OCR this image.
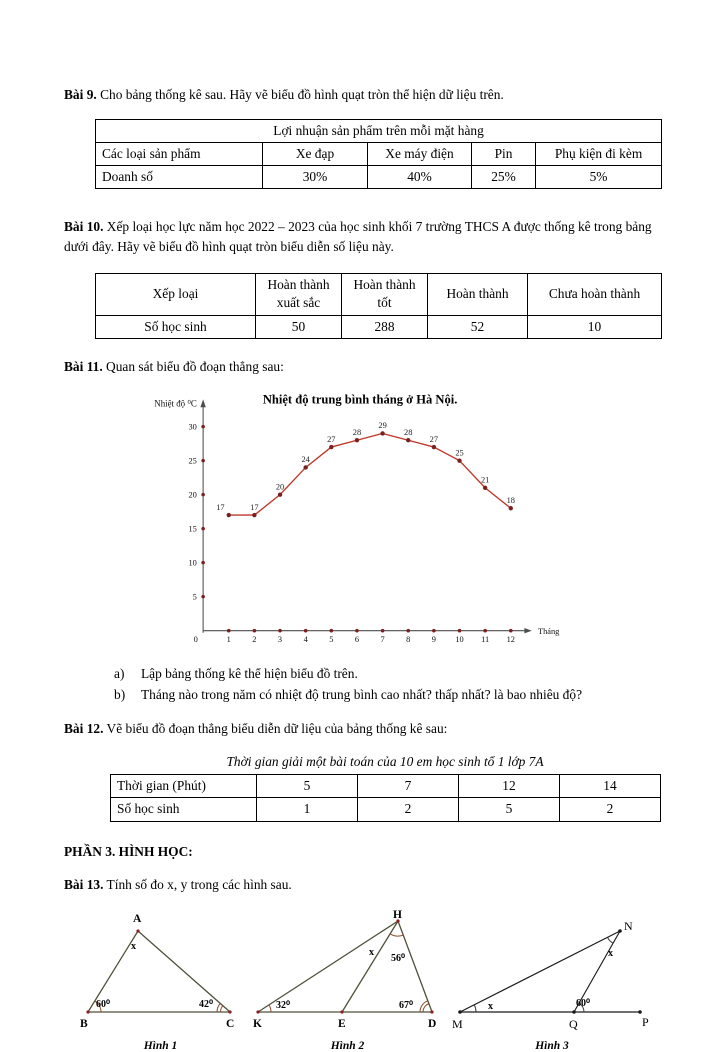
Bài 9. Cho bảng thống kê sau. Hãy vẽ biểu đồ hình quạt tròn thể hiện dữ liệu trên.

Lợi nhuận sản phẩm trên mỗi mặt hàng				
Các loại sản phẩm	Xe đạp	Xe máy điện	Pin	Phụ kiện đi kèm
Doanh số	30%	40%	25%	5%

Bài 10. Xếp loại học lực năm học 2022 – 2023 của học sinh khối 7 trường THCS A được thống kê trong bảng dưới đây. Hãy vẽ biểu đồ hình quạt tròn biểu diễn số liệu này.

Xếp loại	Hoàn thành xuất sắc	Hoàn thành tốt	Hoàn thành	Chưa hoàn thành
Số học sinh	50	288	52	10

Bài 11. Quan sát biểu đồ đoạn thẳng sau:

Nhiệt độ ⁰C	Nhiệt độ trung bình tháng ở Hà Nội.
Tháng
5
10
15
20
25
30
0	1	2	3	4	5	6	7	8	9 10 11 12
17	17
20
24
27
28
29
28
27
25
21
18
a)	Lập bảng thống kê thể hiện biểu đồ trên.
b)	Tháng nào trong năm có nhiệt độ trung bình cao nhất? thấp nhất? là bao nhiêu độ?

Bài 12. Vẽ biểu đồ đoạn thẳng biểu diễn dữ liệu của bảng thống kê sau:

Thời gian giải một bài toán của 10 em học sinh tổ 1 lớp 7A
Thời gian (Phút)	5	7	12	14
Số học sinh	1	2	5	2

PHẦN 3. HÌNH HỌC:

Bài 13. Tính số đo x, y trong các hình sau.

A
x
60⁰	42⁰
B	C
Hình 1
H
x
56⁰
32⁰	67⁰
K	E	D
Hình 2
N
x
x	60⁰
M	Q	P
Hình 3
